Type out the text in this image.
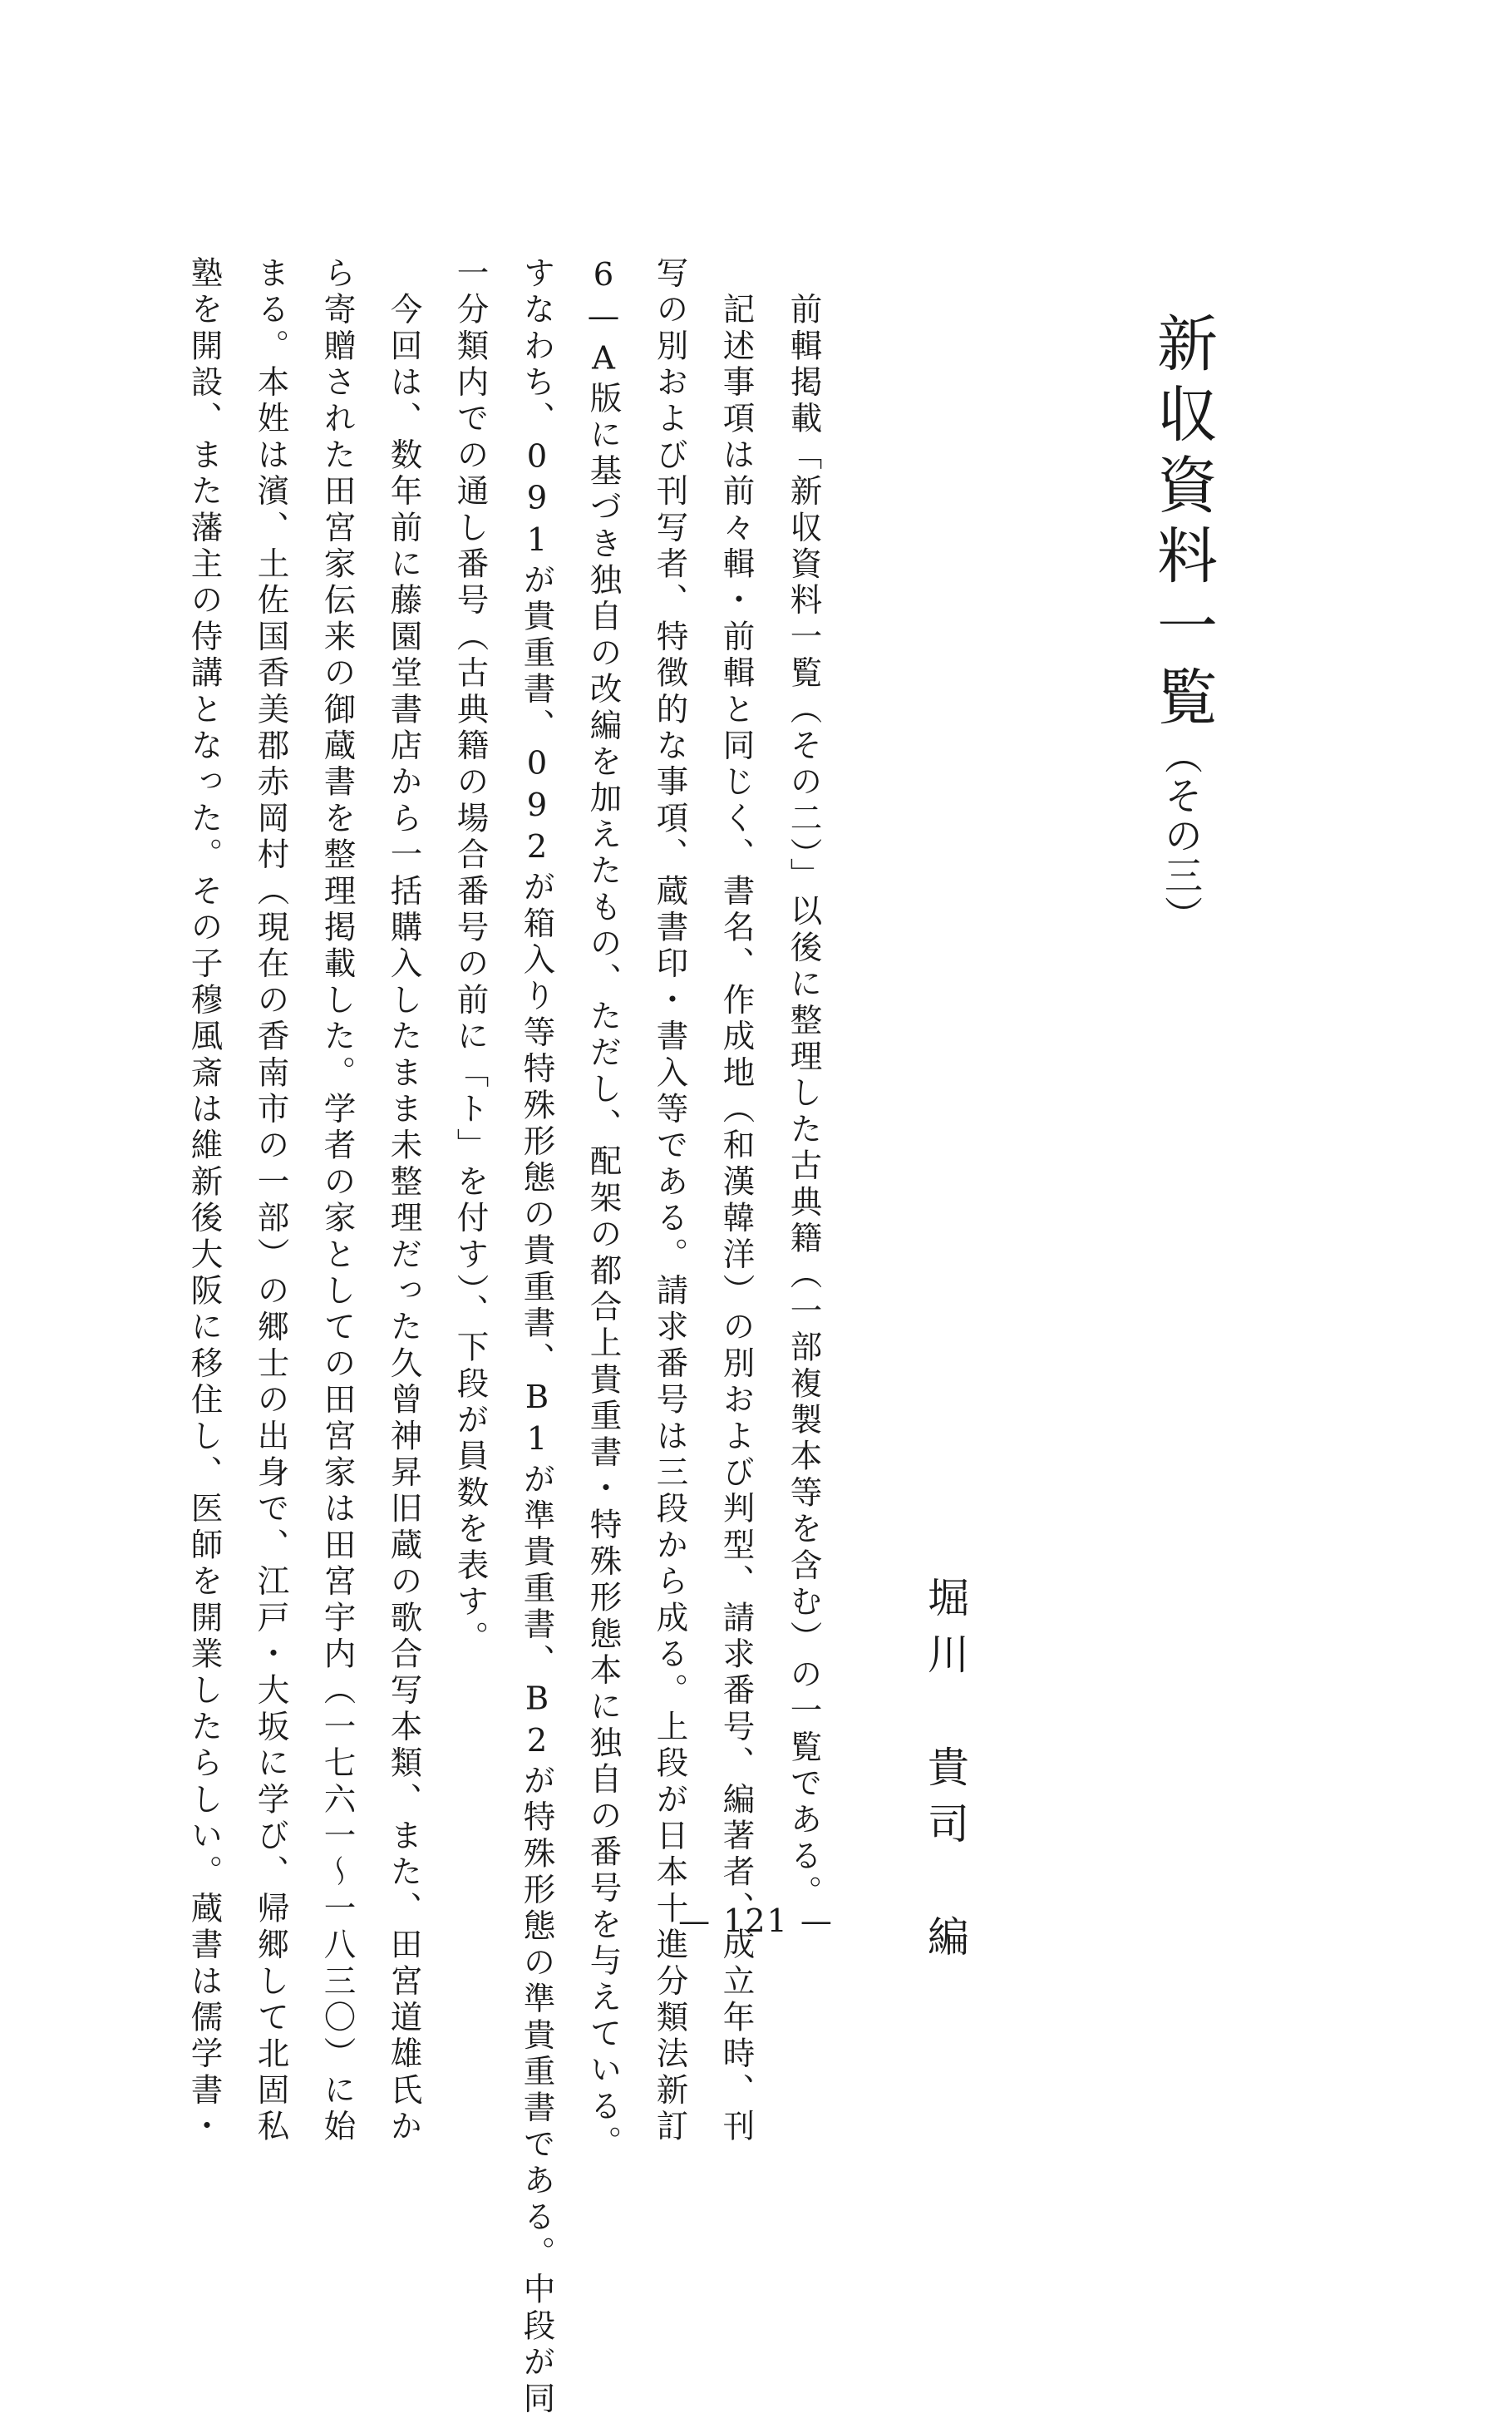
新収資料一覧（その三）
堀川　貴司　編
　前輯掲載「新収資料一覧（その二）」以後に整理した古典籍（一部複製本等を含む）の一覧である。
　記述事項は前々輯・前輯と同じく、書名、作成地（和漢韓洋）の別および判型、請求番号、編著者、成立年時、刊
写の別および刊写者、特徴的な事項、蔵書印・書入等である。請求番号は三段から成る。上段が日本十進分類法新訂
6—A版に基づき独自の改編を加えたもの、ただし、配架の都合上貴重書・特殊形態本に独自の番号を与えている。
すなわち、091が貴重書、092が箱入り等特殊形態の貴重書、B1が準貴重書、B2が特殊形態の準貴重書である。中段が同
一分類内での通し番号（古典籍の場合番号の前に「ト」を付す）、下段が員数を表す。
　今回は、数年前に藤園堂書店から一括購入したまま未整理だった久曾神昇旧蔵の歌合写本類、また、田宮道雄氏か
ら寄贈された田宮家伝来の御蔵書を整理掲載した。学者の家としての田宮家は田宮宇内（一七六一〜一八三〇）に始
まる。本姓は濱、土佐国香美郡赤岡村（現在の香南市の一部）の郷士の出身で、江戸・大坂に学び、帰郷して北固私
塾を開設、また藩主の侍講となった。その子穆風斎は維新後大阪に移住し、医師を開業したらしい。蔵書は儒学書・	— 121 —
